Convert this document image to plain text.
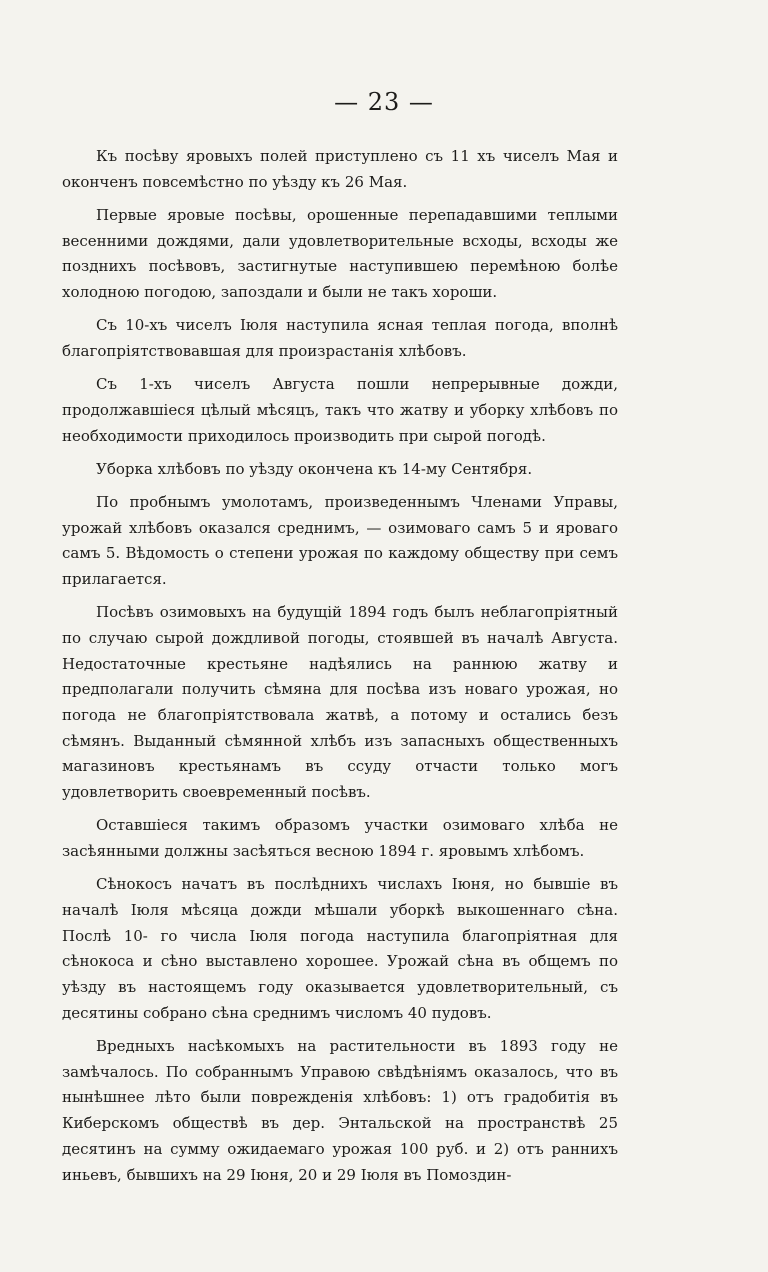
— 23 —

Къ посѣву яровыхъ полей приступлено съ 11 хъ чиселъ Мая и оконченъ повсемѣстно по уѣзду къ 26 Мая.

Первые яровые посѣвы, орошенные перепадавшими теплыми весенними дождями, дали удовлетворительные всходы, всходы же позднихъ посѣвовъ, застигнутые наступившею перемѣною болѣе холодною погодою, запоздали и были не такъ хороши.

Съ 10-хъ чиселъ Іюля наступила ясная теплая погода, вполнѣ благопріятствовавшая для произрастанія хлѣбовъ.

Съ 1-хъ чиселъ Августа пошли непрерывные дожди, продолжавшіеся цѣлый мѣсяцъ, такъ что жатву и уборку хлѣбовъ по необходимости приходилось производить при сырой погодѣ.

Уборка хлѣбовъ по уѣзду окончена къ 14-му Сентября.

По пробнымъ умолотамъ, произведеннымъ Членами Управы, урожай хлѣбовъ оказался среднимъ, — озимоваго самъ 5 и яроваго самъ 5. Вѣдомость о степени урожая по каждому обществу при семъ прилагается.

Посѣвъ озимовыхъ на будущій 1894 годъ былъ неблагопріятный по случаю сырой дождливой погоды, стоявшей въ началѣ Августа. Недостаточные крестьяне надѣялись на раннюю жатву и предполагали получить сѣмяна для посѣва изъ новаго урожая, но погода не благопріятствовала жатвѣ, а потому и остались безъ сѣмянъ. Выданный сѣмянной хлѣбъ изъ запасныхъ общественныхъ магазиновъ крестьянамъ въ ссуду отчасти только могъ удовлетворить своевременный посѣвъ.

Оставшіеся такимъ образомъ участки озимоваго хлѣба не засѣянными должны засѣяться весною 1894 г. яровымъ хлѣбомъ.

Сѣнокосъ начатъ въ послѣднихъ числахъ Іюня, но бывшіе въ началѣ Іюля мѣсяца дожди мѣшали уборкѣ выкошеннаго сѣна. Послѣ 10- го числа Іюля погода наступила благопріятная для сѣнокоса и сѣно выставлено хорошее. Урожай сѣна въ общемъ по уѣзду въ настоящемъ году оказывается удовлетворительный, съ десятины собрано сѣна среднимъ числомъ 40 пудовъ.

Вредныхъ насѣкомыхъ на растительности въ 1893 году не замѣчалось. По собраннымъ Управою свѣдѣніямъ оказалось, что въ нынѣшнее лѣто были поврежденія хлѣбовъ: 1) отъ градобитія въ Киберскомъ обществѣ въ дер. Энтальской на пространствѣ 25 десятинъ на сумму ожидаемаго урожая 100 руб. и 2) отъ раннихъ иньевъ, бывшихъ на 29 Іюня, 20 и 29 Іюля въ Помоздин-
